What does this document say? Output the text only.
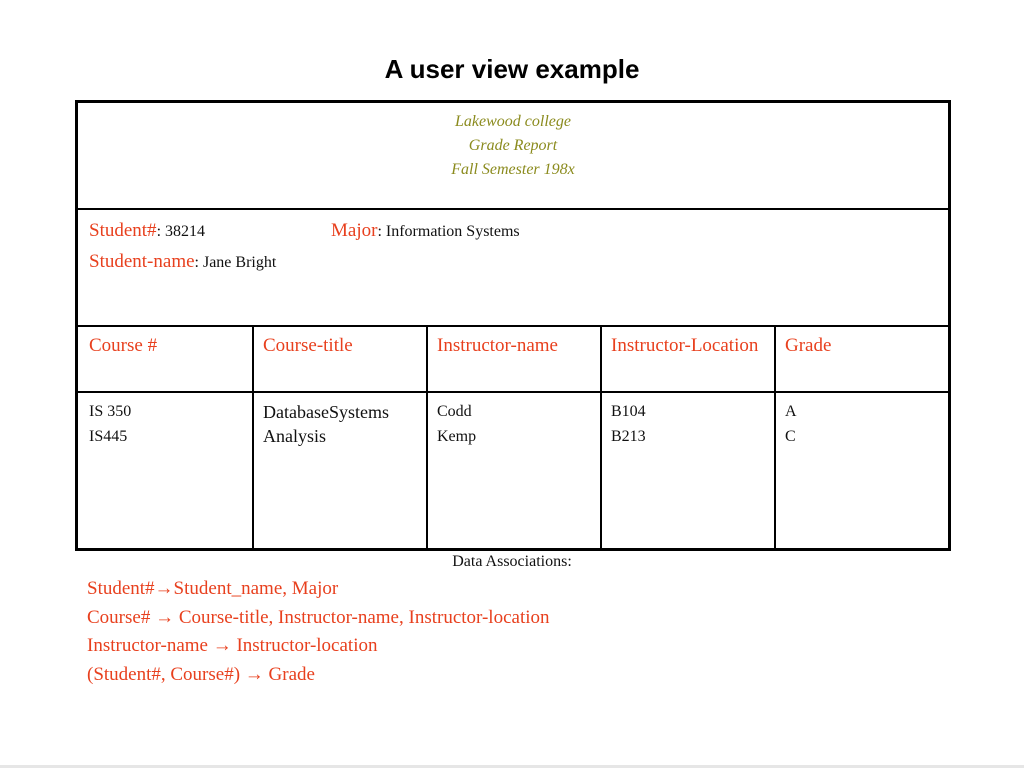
A user view example
Lakewood college
Grade Report
Fall Semester 198x
Student#: 38214	Major: Information Systems
Student-name: Jane Bright
Course #
IS 350
IS445
Course-title
DatabaseSystems
Analysis
Instructor-name
Codd
Kemp
Instructor-Location
B104
B213
Grade
A
C
Data Associations:
Student#→Student_name, Major
Course# → Course-title, Instructor-name, Instructor-location
Instructor-name → Instructor-location
(Student#, Course#) → Grade
